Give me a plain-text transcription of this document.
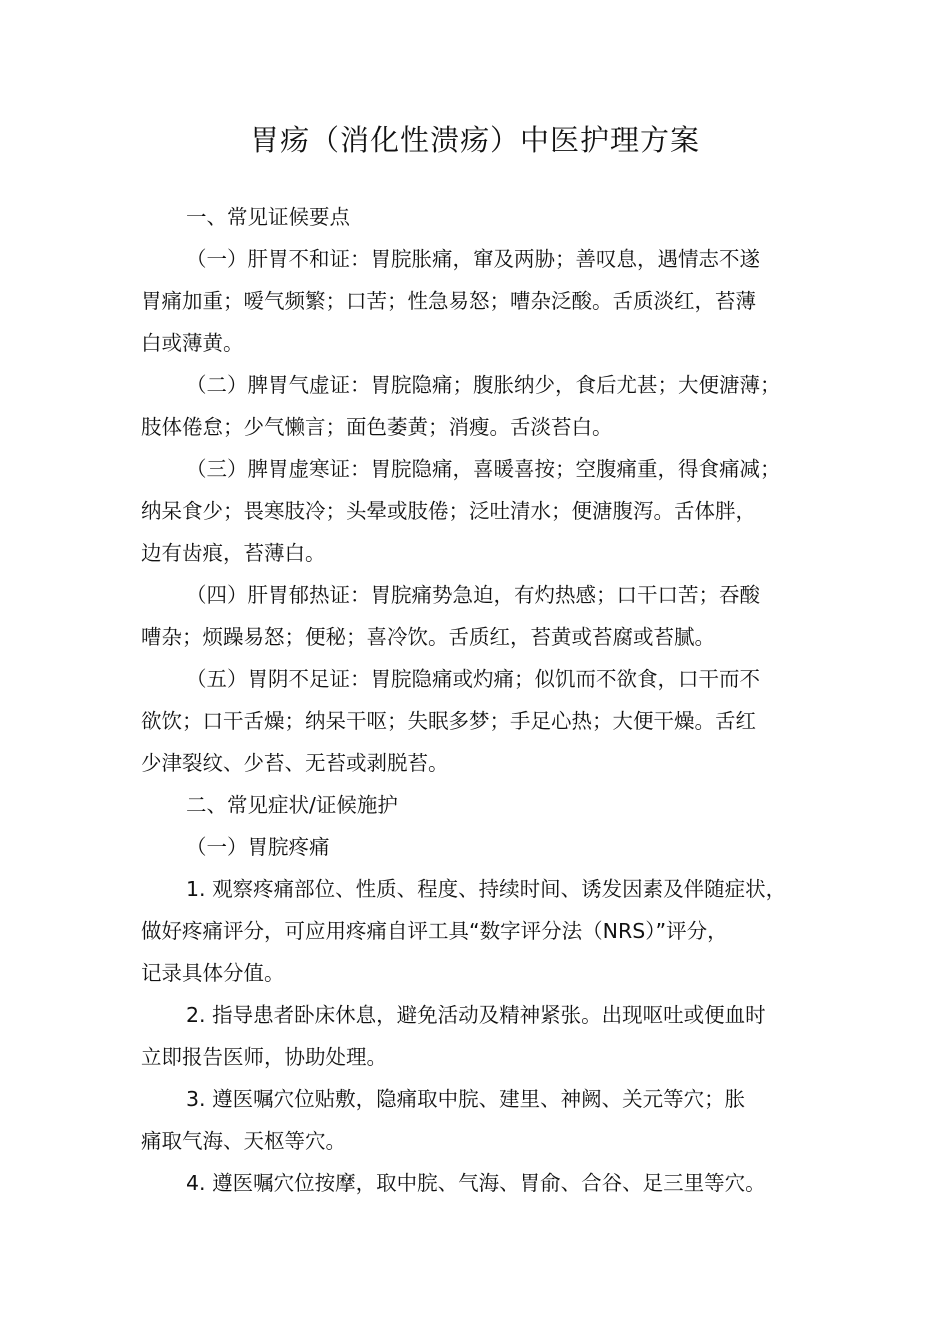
胃疡（消化性溃疡）中医护理方案
一、常见证候要点
（一）肝胃不和证：胃脘胀痛，窜及两胁；善叹息，遇情志不遂
胃痛加重；嗳气频繁；口苦；性急易怒；嘈杂泛酸。舌质淡红，苔薄
白或薄黄。
（二）脾胃气虚证：胃脘隐痛；腹胀纳少，食后尤甚；大便溏薄；
肢体倦怠；少气懒言；面色萎黄；消瘦。舌淡苔白。
（三）脾胃虚寒证：胃脘隐痛，喜暖喜按；空腹痛重，得食痛减；
纳呆食少；畏寒肢冷；头晕或肢倦；泛吐清水；便溏腹泻。舌体胖，
边有齿痕，苔薄白。
（四）肝胃郁热证：胃脘痛势急迫，有灼热感；口干口苦；吞酸
嘈杂；烦躁易怒；便秘；喜冷饮。舌质红，苔黄或苔腐或苔腻。
（五）胃阴不足证：胃脘隐痛或灼痛；似饥而不欲食，口干而不
欲饮；口干舌燥；纳呆干呕；失眠多梦；手足心热；大便干燥。舌红
少津裂纹、少苔、无苔或剥脱苔。
二、常见症状/证候施护
（一）胃脘疼痛
1. 观察疼痛部位、性质、程度、持续时间、诱发因素及伴随症状，
做好疼痛评分，可应用疼痛自评工具“数字评分法（NRS）”评分，
记录具体分值。
2. 指导患者卧床休息，避免活动及精神紧张。出现呕吐或便血时
立即报告医师，协助处理。
3. 遵医嘱穴位贴敷，隐痛取中脘、建里、神阙、关元等穴；胀
痛取气海、天枢等穴。
4. 遵医嘱穴位按摩，取中脘、气海、胃俞、合谷、足三里等穴。
